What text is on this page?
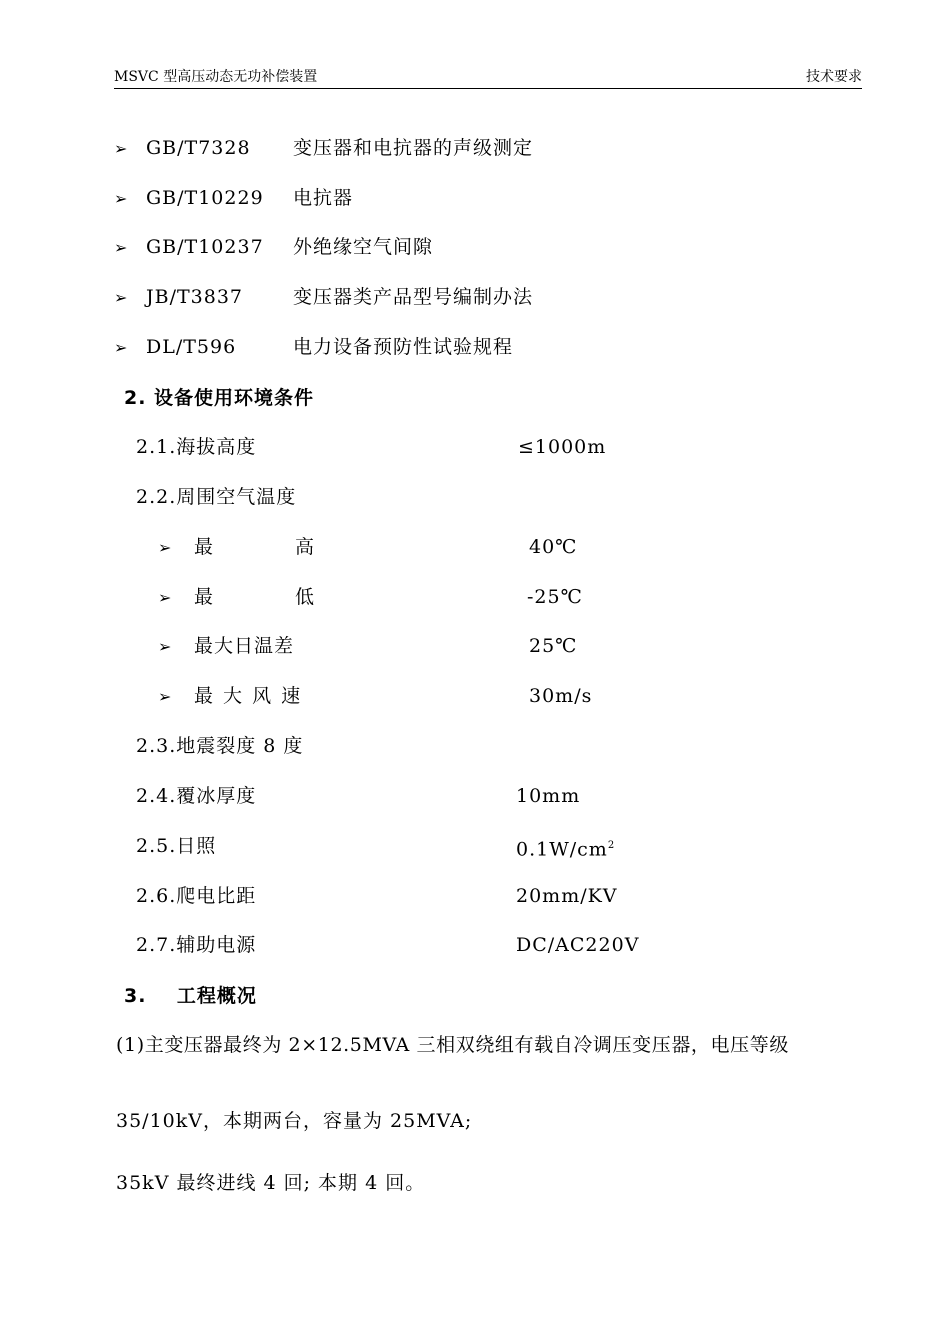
MSVC 型高压动态无功补偿装置	技术要求
➢ GB/T7328 变压器和电抗器的声级测定
➢ GB/T10229 电抗器
➢ GB/T10237 外绝缘空气间隙
➢ JB/T3837	变压器类产品型号编制办法
➢ DL/T596	电力设备预防性试验规程
2. 设备使用环境条件
2.1.海拔高度	≤1000m
2.2.周围空气温度
➢ 最	高	40℃
➢ 最	低	-25℃
➢ 最大日温差	25℃
➢ 最 大 风 速	30m/s
2.3.地震裂度 8 度
2.4.覆冰厚度	10mm
2.5.日照	$0.1W/cm^2$
2.6.爬电比距	20mm/KV
2.7.辅助电源	DC/AC220V
3.    工程概况
(1)主变压器最终为 2×12.5MVA 三相双绕组有载自冷调压变压器，电压等级
35/10kV，本期两台，容量为 25MVA;
35kV 最终进线 4 回; 本期 4 回。
